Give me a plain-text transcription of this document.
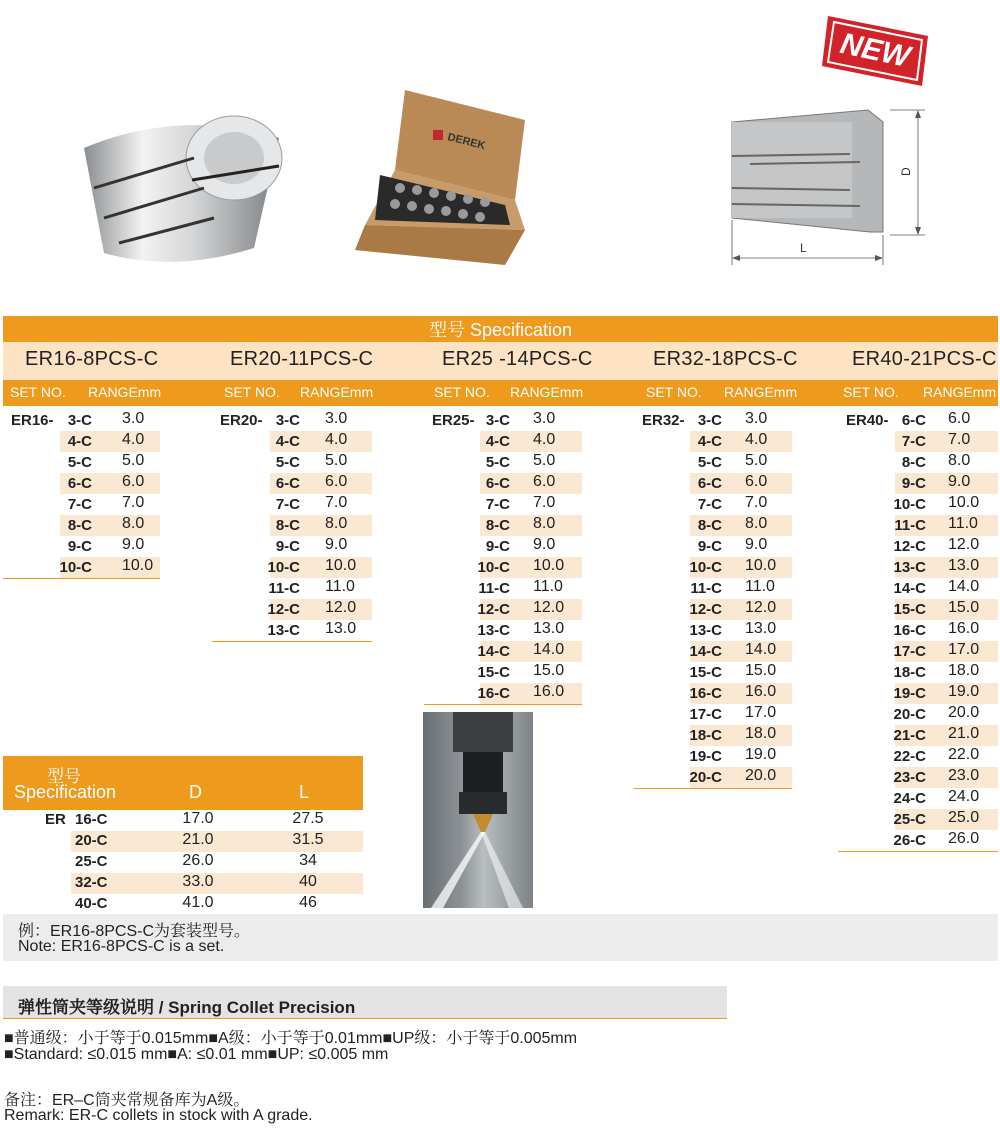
DEREK
NEW
D
L
型号 Specification
ER16-8PCS-C
SET NO. RANGEmm
ER16- 3-C 3.0
4-C 4.0
5-C 5.0
6-C 6.0
7-C 7.0
8-C 8.0
9-C 9.0
10-C 10.0
ER20-11PCS-C
SET NO. RANGEmm
ER20- 3-C 3.0
4-C 4.0
5-C 5.0
6-C 6.0
7-C 7.0
8-C 8.0
9-C 9.0
10-C 10.0
11-C 11.0
12-C 12.0
13-C 13.0
ER25 -14PCS-C
SET NO. RANGEmm
ER25- 3-C 3.0
4-C 4.0
5-C 5.0
6-C 6.0
7-C 7.0
8-C 8.0
9-C 9.0
10-C 10.0
11-C 11.0
12-C 12.0
13-C 13.0
14-C 14.0
15-C 15.0
16-C 16.0
ER32-18PCS-C
SET NO. RANGEmm
ER32- 3-C 3.0
4-C 4.0
5-C 5.0
6-C 6.0
7-C 7.0
8-C 8.0
9-C 9.0
10-C 10.0
11-C 11.0
12-C 12.0
13-C 13.0
14-C 14.0
15-C 15.0
16-C 16.0
17-C 17.0
18-C 18.0
19-C 19.0
20-C 20.0
ER40-21PCS-C
SET NO. RANGEmm
ER40- 6-C 6.0
7-C 7.0
8-C 8.0
9-C 9.0
10-C 10.0
11-C 11.0
12-C 12.0
13-C 13.0
14-C 14.0
15-C 15.0
16-C 16.0
17-C 17.0
18-C 18.0
19-C 19.0
20-C 20.0
21-C 21.0
22-C 22.0
23-C 23.0
24-C 24.0
25-C 25.0
26-C 26.0
型号
Specification	D	L
ER 16-C	17.0	27.5
20-C	21.0	31.5
25-C	26.0	34
32-C	33.0	40
40-C	41.0	46
例：ER16-8PCS-C为套装型号。
Note: ER16-8PCS-C is a set.
弹性筒夹等级说明 / Spring Collet Precision
■普通级：小于等于0.015mm■A级：小于等于0.01mm■UP级：小于等于0.005mm
■Standard: ≤0.015 mm■A: ≤0.01 mm■UP: ≤0.005 mm
备注：ER–C筒夹常规备库为A级。
Remark: ER-C collets in stock with A grade.
